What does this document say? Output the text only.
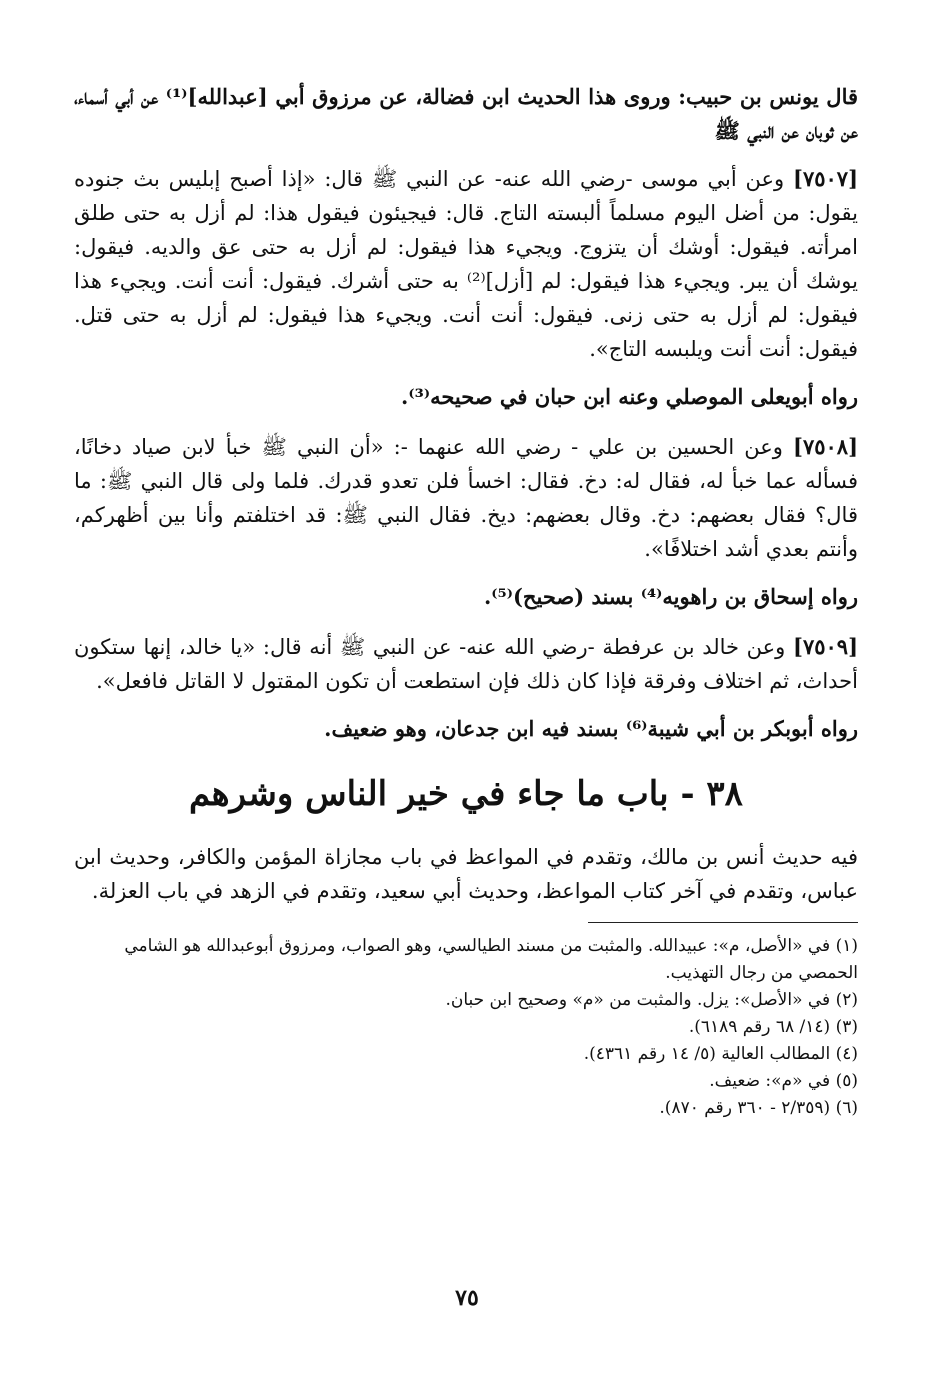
قال يونس بن حبيب: وروى هذا الحديث ابن فضالة، عن مرزوق أبي [عبدالله]⁽¹⁾ عن أبي أسماء، عن ثوبان عن النبي ﷺ

[٧٥٠٧] وعن أبي موسى -رضي الله عنه- عن النبي ﷺ قال: «إذا أصبح إبليس بث جنوده يقول: من أضل اليوم مسلماً ألبسته التاج. قال: فيجيئون فيقول هذا: لم أزل به حتى طلق امرأته. فيقول: أوشك أن يتزوج. ويجيء هذا فيقول: لم أزل به حتى عق والديه. فيقول: يوشك أن يبر. ويجيء هذا فيقول: لم [أزل]⁽²⁾ به حتى أشرك. فيقول: أنت أنت. ويجيء هذا فيقول: لم أزل به حتى زنى. فيقول: أنت أنت. ويجيء هذا فيقول: لم أزل به حتى قتل. فيقول: أنت أنت ويلبسه التاج».

رواه أبويعلى الموصلي وعنه ابن حبان في صحيحه⁽³⁾.

[٧٥٠٨] وعن الحسين بن علي - رضي الله عنهما -: «أن النبي ﷺ خبأ لابن صياد دخانًا، فسأله عما خبأ له، فقال له: دخ. فقال: اخسأ فلن تعدو قدرك. فلما ولى قال النبي ﷺ: ما قال؟ فقال بعضهم: دخ. وقال بعضهم: ديخ. فقال النبي ﷺ: قد اختلفتم وأنا بين أظهركم، وأنتم بعدي أشد اختلافًا».

رواه إسحاق بن راهويه⁽⁴⁾ بسند (صحيح)⁽⁵⁾.

[٧٥٠٩] وعن خالد بن عرفطة -رضي الله عنه- عن النبي ﷺ أنه قال: «يا خالد، إنها ستكون أحداث، ثم اختلاف وفرقة فإذا كان ذلك فإن استطعت أن تكون المقتول لا القاتل فافعل».

رواه أبوبكر بن أبي شيبة⁽⁶⁾ بسند فيه ابن جدعان، وهو ضعيف.

٣٨ - باب ما جاء في خير الناس وشرهم

فيه حديث أنس بن مالك، وتقدم في المواعظ في باب مجازاة المؤمن والكافر، وحديث ابن عباس، وتقدم في آخر كتاب المواعظ، وحديث أبي سعيد، وتقدم في الزهد في باب العزلة.

(١) في «الأصل، م»: عبيدالله. والمثبت من مسند الطيالسي، وهو الصواب، ومرزوق أبوعبدالله هو الشامي الحمصي من رجال التهذيب.

(٢) في «الأصل»: يزل. والمثبت من «م» وصحيح ابن حبان.

(٣) (١٤/ ٦٨ رقم ٦١٨٩).

(٤) المطالب العالية (٥/ ١٤ رقم ٤٣٦١).

(٥) في «م»: ضعيف.

(٦) (٢/٣٥٩ - ٣٦٠ رقم ٨٧٠).

٧٥
